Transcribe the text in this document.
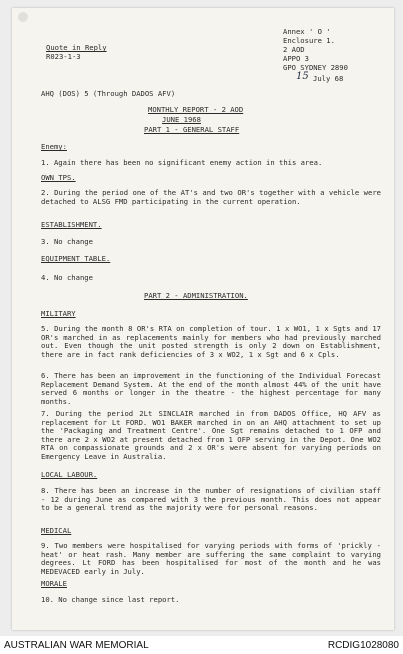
Quote in Reply
R023-1-3
Annex ' O '
Enclosure 1.
2 AOD
APPO 3
GPO SYDNEY 2890
15 July 68
AHQ (DOS) 5 (Through DADOS AFV)
MONTHLY REPORT - 2 AOD
JUNE 1968
PART 1 - GENERAL STAFF
Enemy:
1. Again there has been no significant enemy action in this area.
OWN TPS.
2. During the period one of the AT's and two OR's together with a vehicle were detached to ALSG FMD participating in the current operation.
ESTABLISHMENT.
3. No change
EQUIPMENT TABLE.
4. No change
PART 2 - ADMINISTRATION.
MILITARY
5. During the month 8 OR's RTA on completion of tour. 1 x WO1, 1 x Sgts and 17 OR's marched in as replacements mainly for members who had previously marched out. Even though the unit posted strength is only 2 down on Establishment, there are in fact rank deficiencies of 3 x WO2, 1 x Sgt and 6 x Cpls.
6. There has been an improvement in the functioning of the Individual Forecast Replacement Demand System. At the end of the month almost 44% of the unit have served 6 months or longer in the theatre - the highest percentage for many months.
7. During the period 2Lt SINCLAIR marched in from DADOS Office, HQ AFV as replacement for Lt FORD. WO1 BAKER marched in on an AHQ attachment to set up the 'Packaging and Treatment Centre'. One Sgt remains detached to 1 OFP and there are 2 x WO2 at present detached from 1 OFP serving in the Depot. One WO2 RTA on compassionate grounds and 2 x OR's were absent for varying periods on Emergency Leave in Australia.
LOCAL LABOUR.
8. There has been an increase in the number of resignations of civilian staff - 12 during June as compared with 3 the previous month. This does not appear to be a general trend as the majority were for personal reasons.
MEDICAL
9. Two members were hospitalised for varying periods with forms of 'prickly - heat' or heat rash. Many member are suffering the same complaint to varying degrees. Lt FORD has been hospitalised for most of the month and he was MEDEVACED early in July.
MORALE
10. No change since last report.
AUSTRALIAN WAR MEMORIAL	RCDIG1028080
